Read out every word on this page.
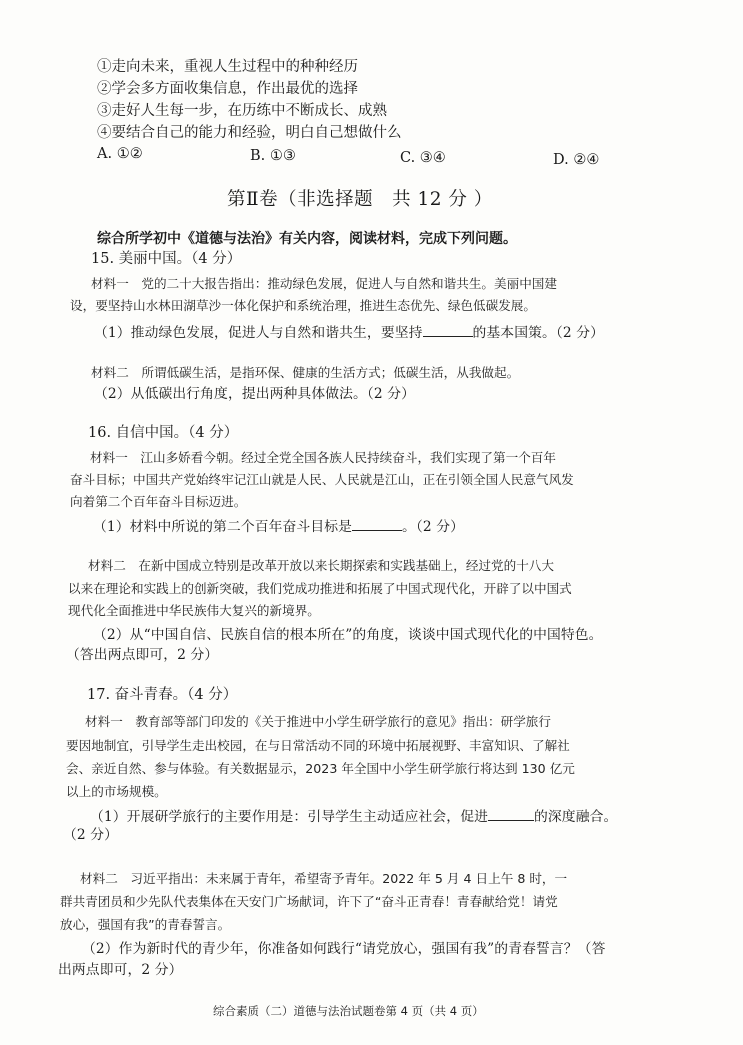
①走向未来，重视人生过程中的种种经历
②学会多方面收集信息，作出最优的选择
③走好人生每一步，在历练中不断成长、成熟
④要结合自己的能力和经验，明白自己想做什么
A. ①②	B. ①③	C. ③④	D. ②④
第Ⅱ卷（非选择题　共 12 分 ）
综合所学初中《道德与法治》有关内容，阅读材料，完成下列问题。
15. 美丽中国。（4 分）
材料一　党的二十大报告指出：推动绿色发展，促进人与自然和谐共生。美丽中国建
设，要坚持山水林田湖草沙一体化保护和系统治理，推进生态优先、绿色低碳发展。
（1）推动绿色发展，促进人与自然和谐共生，要坚持	的基本国策。（2 分）
材料二　所谓低碳生活，是指环保、健康的生活方式；低碳生活，从我做起。
（2）从低碳出行角度，提出两种具体做法。（2 分）
16. 自信中国。（4 分）
材料一　江山多娇看今朝。经过全党全国各族人民持续奋斗，我们实现了第一个百年
奋斗目标；中国共产党始终牢记江山就是人民、人民就是江山，正在引领全国人民意气风发
向着第二个百年奋斗目标迈进。
（1）材料中所说的第二个百年奋斗目标是	。（2 分）
材料二　在新中国成立特别是改革开放以来长期探索和实践基础上，经过党的十八大
以来在理论和实践上的创新突破，我们党成功推进和拓展了中国式现代化，开辟了以中国式
现代化全面推进中华民族伟大复兴的新境界。
（2）从“中国自信、民族自信的根本所在”的角度，谈谈中国式现代化的中国特色。
（答出两点即可，2 分）
17. 奋斗青春。（4 分）
材料一　教育部等部门印发的《关于推进中小学生研学旅行的意见》指出：研学旅行
要因地制宜，引导学生走出校园，在与日常活动不同的环境中拓展视野、丰富知识、了解社
会、亲近自然、参与体验。有关数据显示，2023 年全国中小学生研学旅行将达到 130 亿元
以上的市场规模。
（1）开展研学旅行的主要作用是：引导学生主动适应社会，促进	的深度融合。
（2 分）
材料二　习近平指出：未来属于青年，希望寄予青年。2022 年 5 月 4 日上午 8 时，一
群共青团员和少先队代表集体在天安门广场献词，许下了“奋斗正青春！青春献给党！请党
放心，强国有我”的青春誓言。
（2）作为新时代的青少年，你准备如何践行“请党放心，强国有我”的青春誓言？（答
出两点即可，2 分）
综合素质（二）道德与法治试题卷第 4 页（共 4 页）
